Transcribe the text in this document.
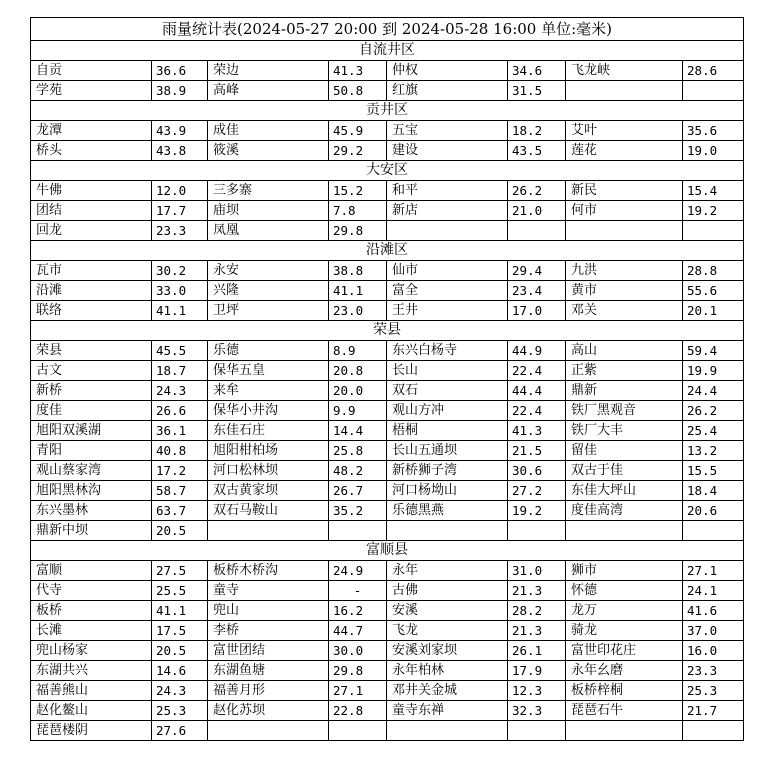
雨量统计表(2024-05-27 20:00 到 2024-05-28 16:00 单位:毫米)							
自流井区							
自贡	36.6	荣边	41.3	仲权	34.6	飞龙峡	28.6
学苑	38.9	高峰	50.8	红旗	31.5		
贡井区							
龙潭	43.9	成佳	45.9	五宝	18.2	艾叶	35.6
桥头	43.8	筱溪	29.2	建设	43.5	莲花	19.0
大安区							
牛佛	12.0	三多寨	15.2	和平	26.2	新民	15.4
团结	17.7	庙坝	7.8	新店	21.0	何市	19.2
回龙	23.3	凤凰	29.8				
沿滩区							
瓦市	30.2	永安	38.8	仙市	29.4	九洪	28.8
沿滩	33.0	兴隆	41.1	富全	23.4	黄市	55.6
联络	41.1	卫坪	23.0	王井	17.0	邓关	20.1
荣县							
荣县	45.5	乐德	8.9	东兴白杨寺	44.9	高山	59.4
古文	18.7	保华五皇	20.8	长山	22.4	正紫	19.9
新桥	24.3	来牟	20.0	双石	44.4	鼎新	24.4
度佳	26.6	保华小井沟	9.9	观山方冲	22.4	铁厂黑观音	26.2
旭阳双溪湖	36.1	东佳石庄	14.4	梧桐	41.3	铁厂大丰	25.4
青阳	40.8	旭阳柑柏场	25.8	长山五通坝	21.5	留佳	13.2
观山蔡家湾	17.2	河口松林坝	48.2	新桥狮子湾	30.6	双古于佳	15.5
旭阳黑林沟	58.7	双古黄家坝	26.7	河口杨坳山	27.2	东佳大坪山	18.4
东兴墨林	63.7	双石马鞍山	35.2	乐德黑燕	19.2	度佳高湾	20.6
鼎新中坝	20.5						
富顺县							
富顺	27.5	板桥木桥沟	24.9	永年	31.0	狮市	27.1
代寺	25.5	童寺	-	古佛	21.3	怀德	24.1
板桥	41.1	兜山	16.2	安溪	28.2	龙万	41.6
长滩	17.5	李桥	44.7	飞龙	21.3	骑龙	37.0
兜山杨家	20.5	富世团结	30.0	安溪刘家坝	26.1	富世印花庄	16.0
东湖共兴	14.6	东湖鱼塘	29.8	永年柏林	17.9	永年幺磨	23.3
福善熊山	24.3	福善月形	27.1	邓井关金城	12.3	板桥梓桐	25.3
赵化鳌山	25.3	赵化苏坝	22.8	童寺东禅	32.3	琵琶石牛	21.7
琵琶楼阴	27.6						
